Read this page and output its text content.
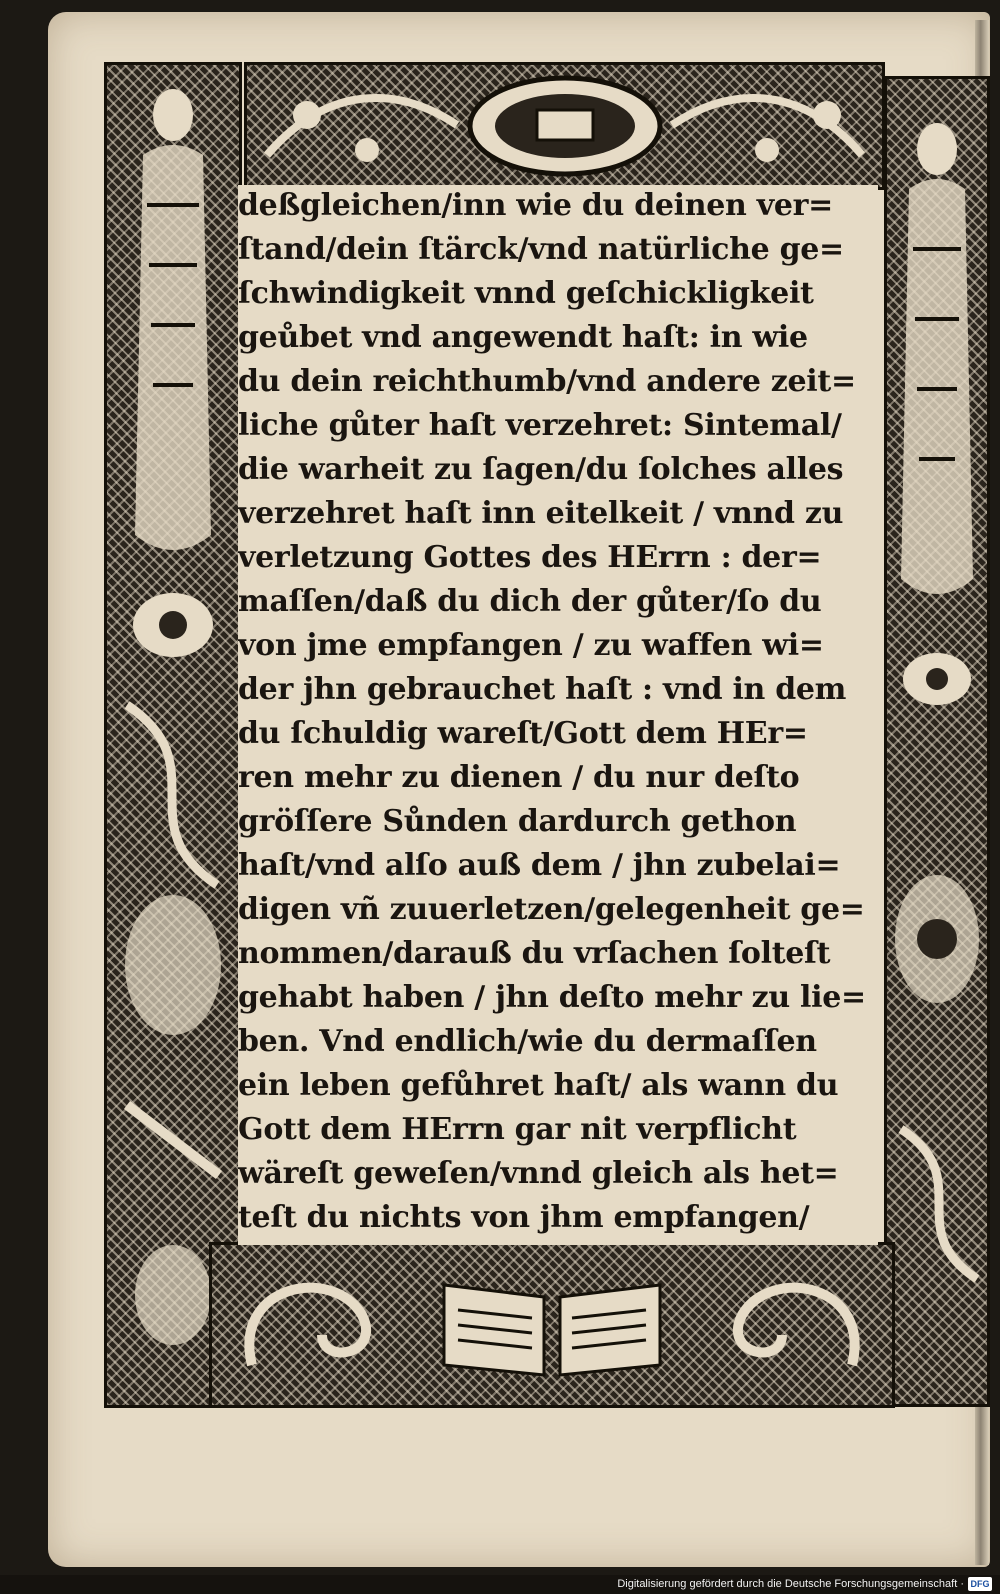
deßgleichen/inn wie du deinen ver=
ſtand/dein ſtärck/vnd natürliche ge=
ſchwindigkeit vnnd geſchickligkeit
geůbet vnd angewendt haſt: in wie
du dein reichthumb/vnd andere zeit=
liche gůter haſt verzehret: Sintemal/
die warheit zu ſagen/du ſolches alles
verzehret haſt inn eitelkeit / vnnd zu
verletzung Gottes des HErrn : der=
maſſen/daß du dich der gůter/ſo du
von jme empfangen / zu waffen wi=
der jhn gebrauchet haſt : vnd in dem
du ſchuldig wareſt/Gott dem HEr=
ren mehr zu dienen / du nur deſto
gröſſere Sůnden dardurch gethon
haſt/vnd alſo auß dem / jhn zubelai=
digen vñ zuuerletzen/gelegenheit ge=
nommen/darauß du vrſachen ſolteſt
gehabt haben / jhn deſto mehr zu lie=
ben. Vnd endlich/wie du dermaſſen
ein leben gefůhret haſt/ als wann du
Gott dem HErrn gar nit verpflicht
wäreſt geweſen/vnnd gleich als het=
teſt du nichts von jhm empfangen/
Digitalisierung gefördert durch die Deutsche Forschungsgemeinschaft · DFG
